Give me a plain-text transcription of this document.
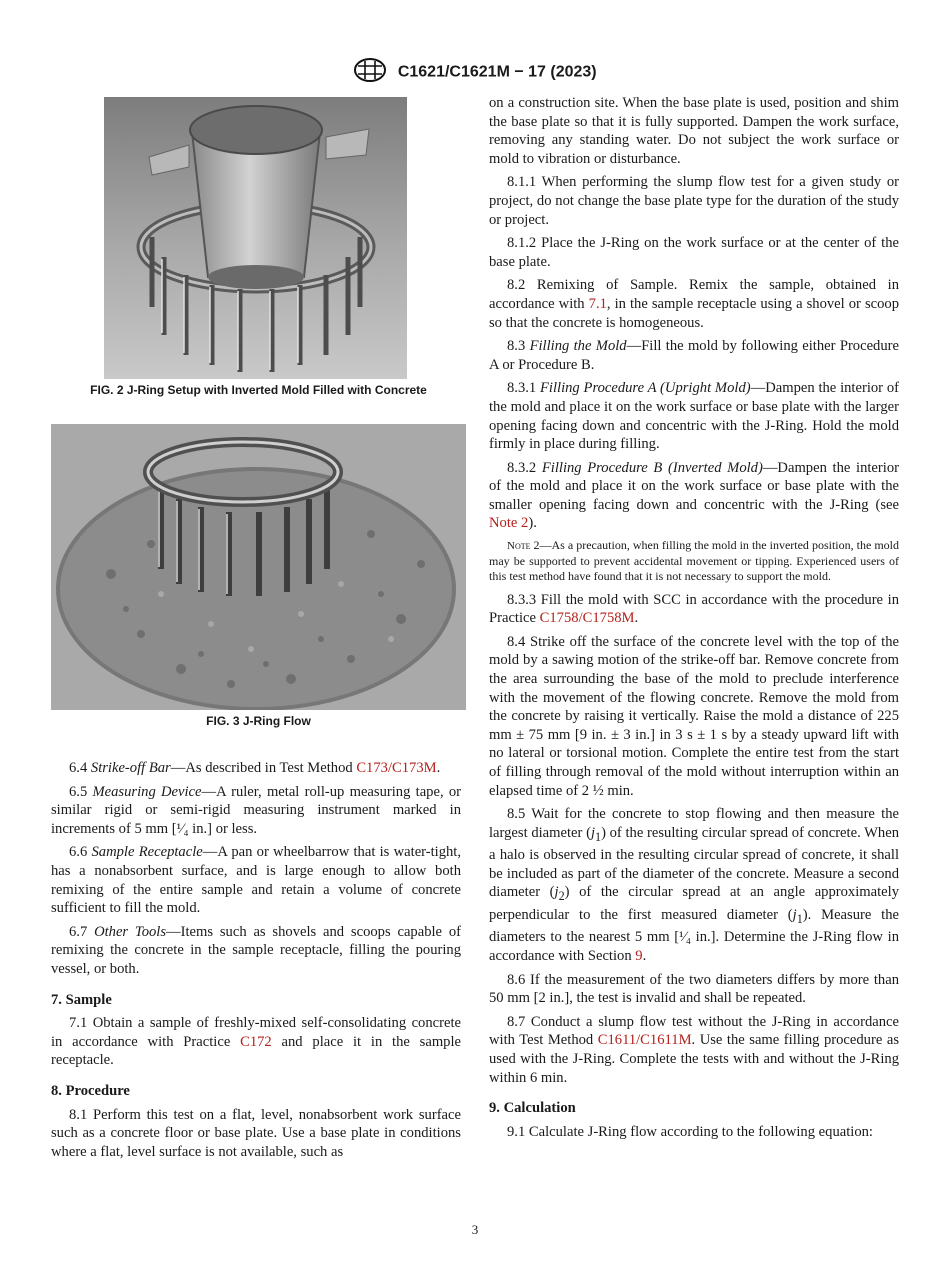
C1621/C1621M − 17 (2023)
FIG. 2 J-Ring Setup with Inverted Mold Filled with Concrete
FIG. 3 J-Ring Flow

6.4 Strike-off Bar—As described in Test Method C173/C173M.

6.5 Measuring Device—A ruler, metal roll-up measuring tape, or similar rigid or semi-rigid measuring instrument marked in increments of 5 mm [¹⁄₄ in.] or less.

6.6 Sample Receptacle—A pan or wheelbarrow that is water-tight, has a nonabsorbent surface, and is large enough to allow both remixing of the entire sample and retain a volume of concrete sufficient to fill the mold.

6.7 Other Tools—Items such as shovels and scoops capable of remixing the concrete in the sample receptacle, filling the pouring vessel, or both.

7. Sample

7.1 Obtain a sample of freshly-mixed self-consolidating concrete in accordance with Practice C172 and place it in the sample receptacle.

8. Procedure

8.1 Perform this test on a flat, level, nonabsorbent work surface such as a concrete floor or base plate. Use a base plate in conditions where a flat, level surface is not available, such as

on a construction site. When the base plate is used, position and shim the base plate so that it is fully supported. Dampen the work surface, removing any standing water. Do not subject the work surface or mold to vibration or disturbance.

8.1.1 When performing the slump flow test for a given study or project, do not change the base plate type for the duration of the study or project.

8.1.2 Place the J-Ring on the work surface or at the center of the base plate.

8.2 Remixing of Sample. Remix the sample, obtained in accordance with 7.1, in the sample receptacle using a shovel or scoop so that the concrete is homogeneous.

8.3 Filling the Mold—Fill the mold by following either Procedure A or Procedure B.

8.3.1 Filling Procedure A (Upright Mold)—Dampen the interior of the mold and place it on the work surface or base plate with the larger opening facing down and concentric with the J-Ring. Hold the mold firmly in place during filling.

8.3.2 Filling Procedure B (Inverted Mold)—Dampen the interior of the mold and place it on the work surface or base plate with the smaller opening facing down and concentric with the J-Ring (see Note 2).

Note 2—As a precaution, when filling the mold in the inverted position, the mold may be supported to prevent accidental movement or tipping. Experienced users of this test method have found that it is not necessary to support the mold.

8.3.3 Fill the mold with SCC in accordance with the procedure in Practice C1758/C1758M.

8.4 Strike off the surface of the concrete level with the top of the mold by a sawing motion of the strike-off bar. Remove concrete from the area surrounding the base of the mold to preclude interference with the movement of the flowing concrete. Remove the mold from the concrete by raising it vertically. Raise the mold a distance of 225 mm ± 75 mm [9 in. ± 3 in.] in 3 s ± 1 s by a steady upward lift with no lateral or torsional motion. Complete the entire test from the start of filling through removal of the mold without interruption within an elapsed time of 2 ½ min.

8.5 Wait for the concrete to stop flowing and then measure the largest diameter $(j_1)$ of the resulting circular spread of concrete. When a halo is observed in the resulting circular spread of concrete, it shall be included as part of the diameter of the concrete. Measure a second diameter $(j_2)$ of the circular spread at an angle approximately perpendicular to the first measured diameter $(j_1)$. Measure the diameters to the nearest 5 mm [¹⁄₄ in.]. Determine the J-Ring flow in accordance with Section 9.

8.6 If the measurement of the two diameters differs by more than 50 mm [2 in.], the test is invalid and shall be repeated.

8.7 Conduct a slump flow test without the J-Ring in accordance with Test Method C1611/C1611M. Use the same filling procedure as used with the J-Ring. Complete the tests with and without the J-Ring within 6 min.

9. Calculation

9.1 Calculate J-Ring flow according to the following equation:

3
